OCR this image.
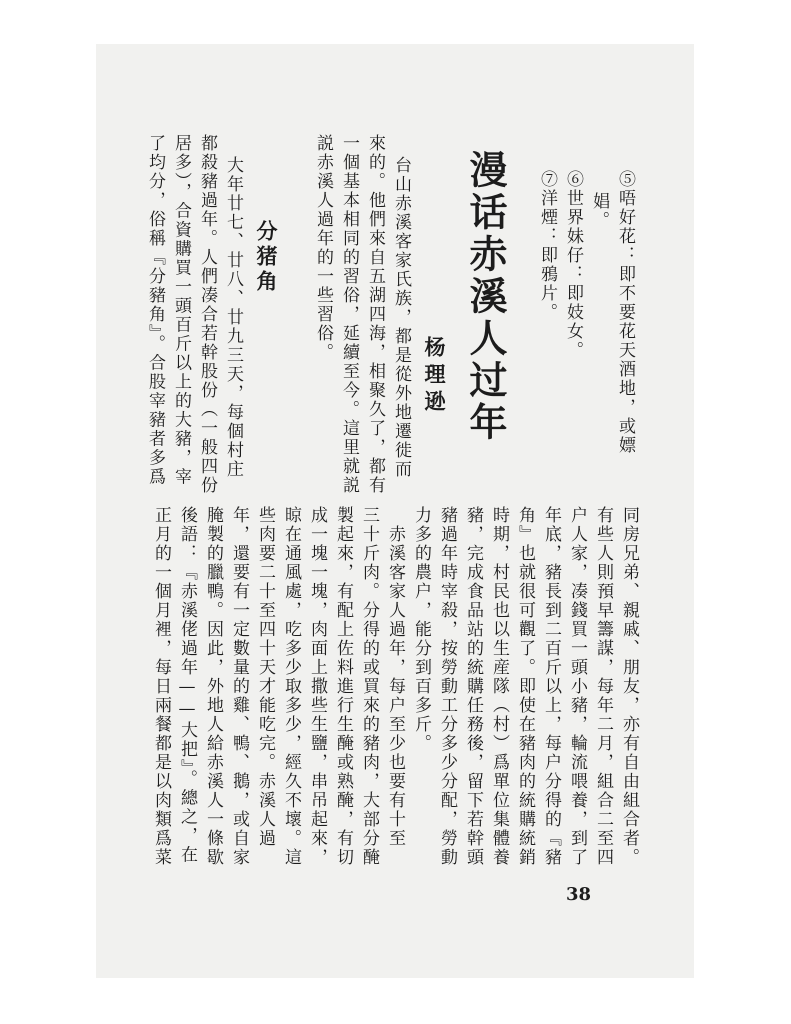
⑤唔好花：即不要花天酒地，或嫖
娼。
⑥世界妹仔：即妓女。
⑦洋煙：即鴉片。
漫话赤溪人过年
杨理逊
台山赤溪客家氏族，都是從外地遷徙而
來的。他們來自五湖四海，相聚久了，都有
一個基本相同的習俗，延續至今。這里就説
説赤溪人過年的一些習俗。
分猪角
大年廿七、廿八、廿九三天，每個村庄
都殺豬過年。人們凑合若幹股份（一般四份
居多），合資購買一頭百斤以上的大豬，宰
了均分，俗稱『分豬角』。合股宰豬者多爲
同房兄弟、親戚、朋友，亦有自由組合者。
有些人則預早籌謀，每年二月，組合二至四
户人家，凑錢買一頭小豬，輪流喂養，到了
年底，豬長到二百斤以上，每户分得的『豬
角』也就很可觀了。即使在豬肉的統購統銷
時期，村民也以生産隊（村）爲單位集體養
豬，完成食品站的統購任務後，留下若幹頭
豬過年時宰殺，按勞動工分多少分配，勞動
力多的農户，能分到百多斤。
　赤溪客家人過年，每户至少也要有十至
三十斤肉。分得的或買來的豬肉，大部分醃
製起來，有配上佐料進行生醃或熟醃，有切
成一塊一塊，肉面上撒些生鹽，串吊起來，
晾在通風處，吃多少取多少，經久不壞。這
些肉要二十至四十天才能吃完。赤溪人過
年，還要有一定數量的雞、鴨、鵝，或自家
腌製的臘鴨。因此，外地人給赤溪人一條歇
後語：『赤溪佬過年——大把』。總之，在
正月的一個月裡，每日兩餐都是以肉類爲菜
38
